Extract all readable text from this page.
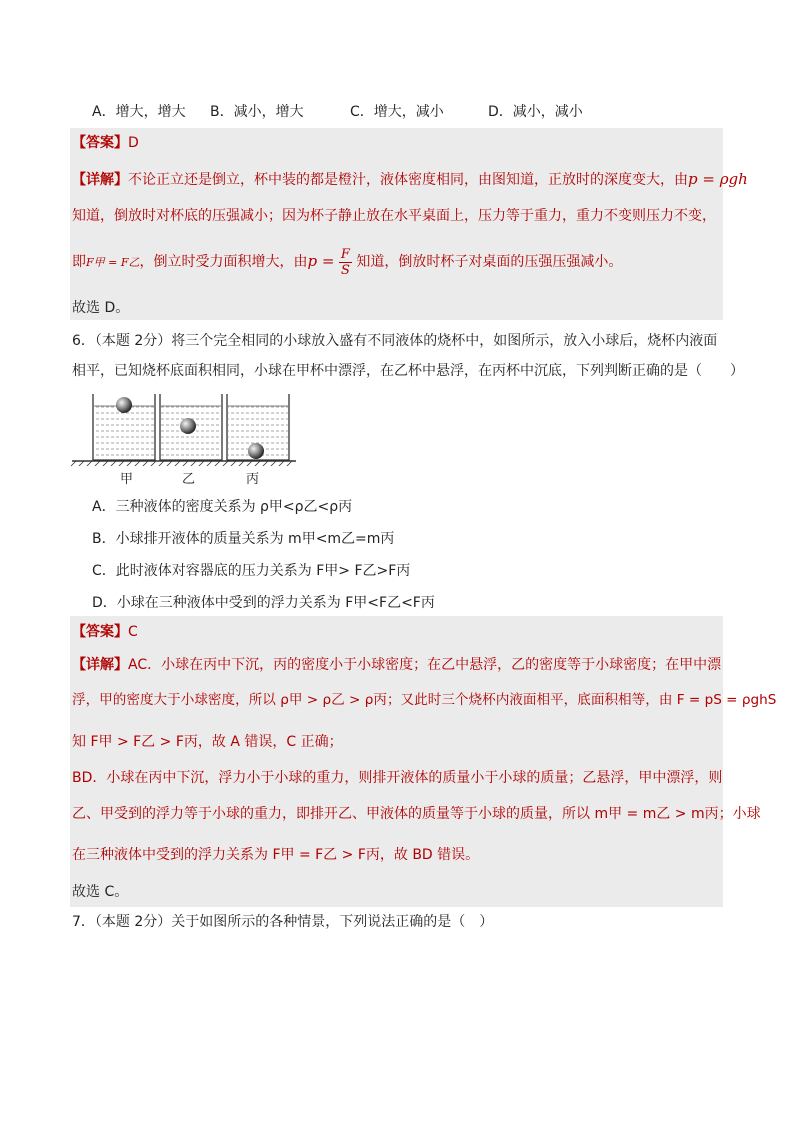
A．增大，增大 B．减小，增大	C．增大，减小	D．减小，减小
【答案】D
【详解】不论正立还是倒立，杯中装的都是橙汁，液体密度相同，由图知道，正放时的深度变大，由p = ρgh
知道，倒放时对杯底的压强减小；因为杯子静止放在水平桌面上，压力等于重力，重力不变则压力不变，
即F甲 = F乙，倒立时受力面积增大，由$p = \frac{F}{S}$ 知道，倒放时杯子对桌面的压强压强减小。
故选 D。
6．（本题 2分）将三个完全相同的小球放入盛有不同液体的烧杯中，如图所示，放入小球后，烧杯内液面
相平，已知烧杯底面积相同，小球在甲杯中漂浮，在乙杯中悬浮，在丙杯中沉底，下列判断正确的是（　　）
甲	乙	丙
A．三种液体的密度关系为 ρ甲<ρ乙<ρ丙
B．小球排开液体的质量关系为 m甲<m乙=m丙
C．此时液体对容器底的压力关系为 F甲> F乙>F丙
D．小球在三种液体中受到的浮力关系为 F甲<F乙<F丙
【答案】C
【详解】AC．小球在丙中下沉，丙的密度小于小球密度；在乙中悬浮，乙的密度等于小球密度；在甲中漂
浮，甲的密度大于小球密度，所以 ρ甲 > ρ乙 > ρ丙；又此时三个烧杯内液面相平，底面积相等，由 F = pS = ρghS
知 F甲 > F乙 > F丙，故 A 错误，C 正确；
BD．小球在丙中下沉，浮力小于小球的重力，则排开液体的质量小于小球的质量；乙悬浮，甲中漂浮，则
乙、甲受到的浮力等于小球的重力，即排开乙、甲液体的质量等于小球的质量，所以 m甲 = m乙 > m丙；小球
在三种液体中受到的浮力关系为 F甲 = F乙 > F丙，故 BD 错误。
故选 C。
7．（本题 2分）关于如图所示的各种情景，下列说法正确的是（　）
